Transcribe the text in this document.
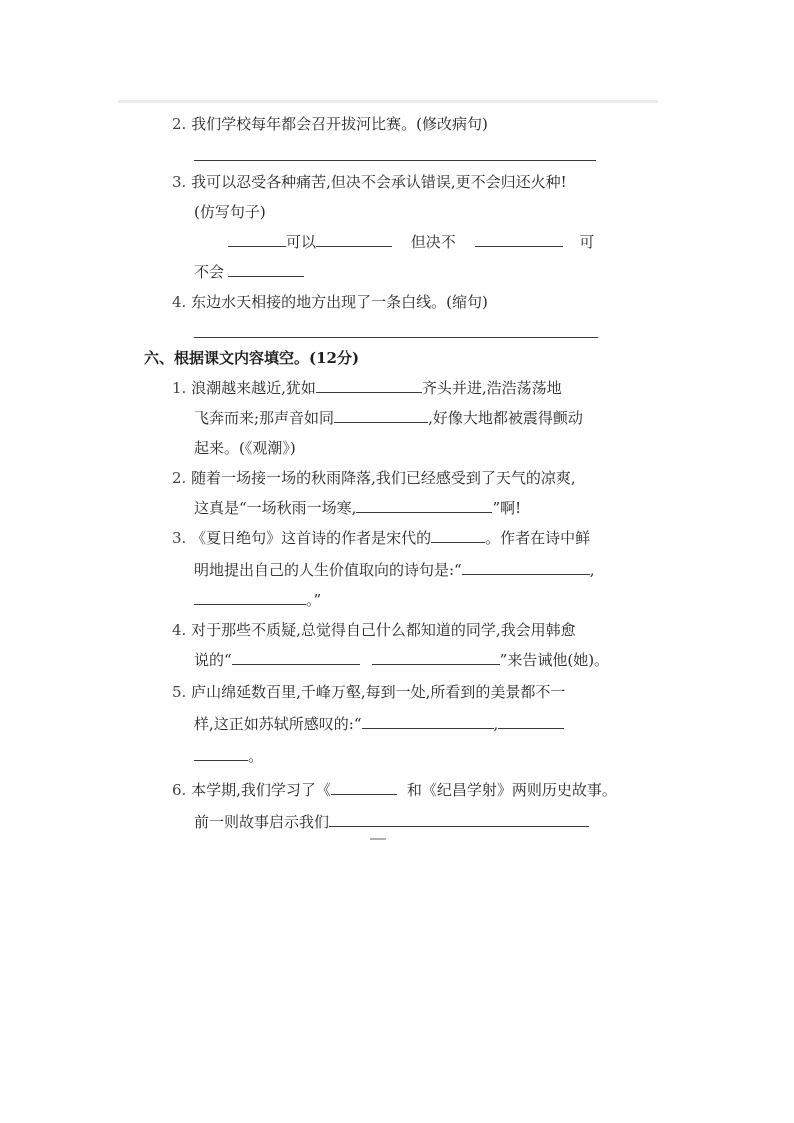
2. 我们学校每年都会召开拔河比赛。(修改病句)
3. 我可以忍受各种痛苦,但决不会承认错误,更不会归还火种!
(仿写句子)
可以	但决不	可
不会
4. 东边水天相接的地方出现了一条白线。(缩句)
六、根据课文内容填空。(12分)
1. 浪潮越来越近,犹如	齐头并进,浩浩荡荡地
飞奔而来;那声音如同	,好像大地都被震得颤动
起来。(《观潮》)
2. 随着一场接一场的秋雨降落,我们已经感受到了天气的凉爽,
这真是“一场秋雨一场寒,	”啊!
3. 《夏日绝句》这首诗的作者是宋代的	。作者在诗中鲜
明地提出自己的人生价值取向的诗句是:“	,
。”
4. 对于那些不质疑,总觉得自己什么都知道的同学,我会用韩愈
说的“	”来告诫他(她)。
5. 庐山绵延数百里,千峰万壑,每到一处,所看到的美景都不一
样,这正如苏轼所感叹的:“	,
。
6. 本学期,我们学习了《	和《纪昌学射》两则历史故事。
前一则故事启示我们
